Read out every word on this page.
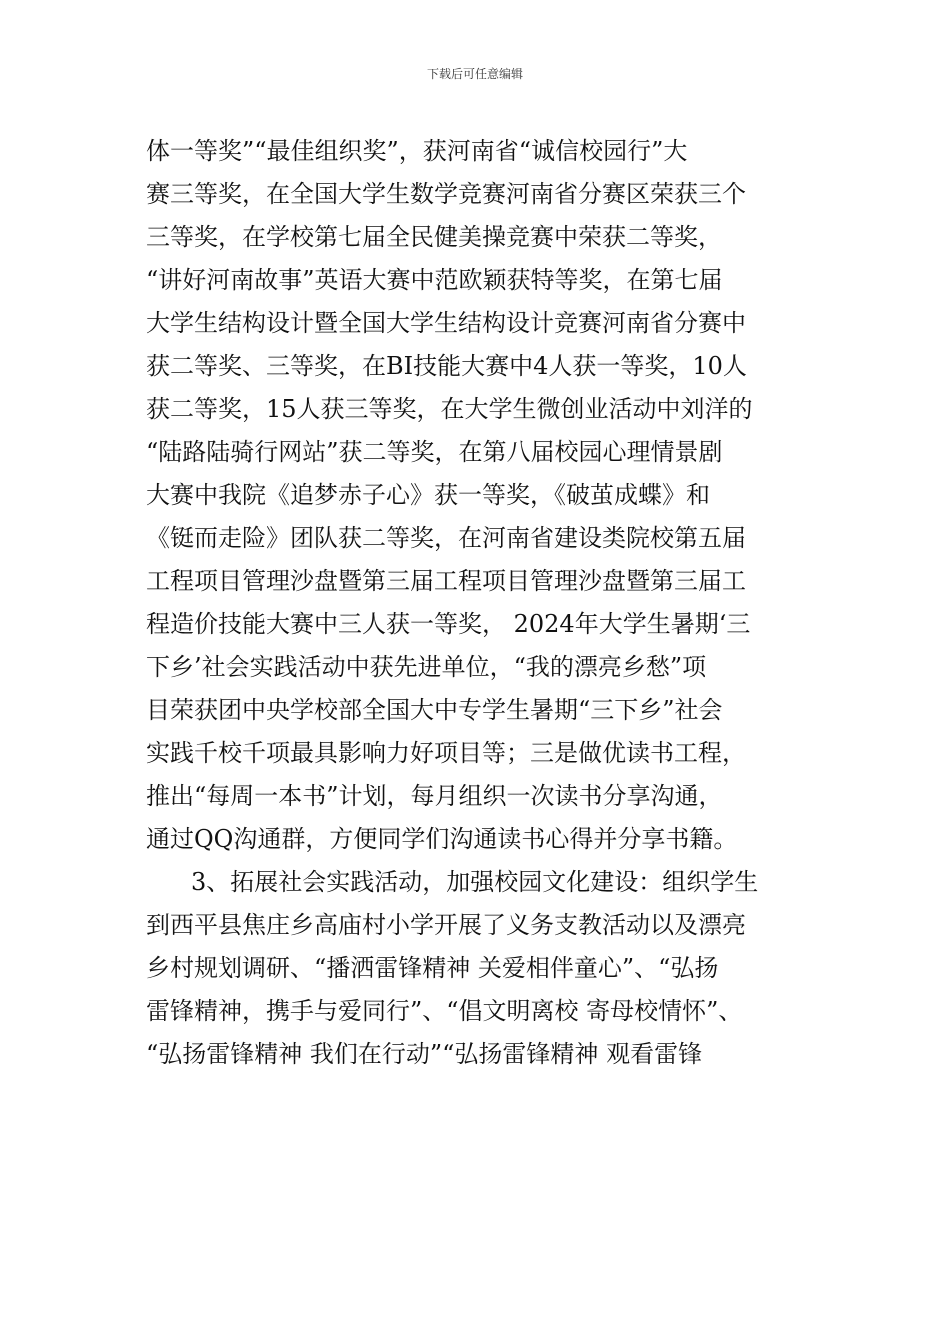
下载后可任意编辑
体一等奖”“最佳组织奖”，获河南省“诚信校园行”大
赛三等奖，在全国大学生数学竞赛河南省分赛区荣获三个
三等奖，在学校第七届全民健美操竞赛中荣获二等奖，
“讲好河南故事”英语大赛中范欧颖获特等奖，在第七届
大学生结构设计暨全国大学生结构设计竞赛河南省分赛中
获二等奖、三等奖，在BI技能大赛中4人获一等奖，10人
获二等奖，15人获三等奖，在大学生微创业活动中刘洋的
“陆路陆骑行网站”获二等奖，在第八届校园心理情景剧
大赛中我院《追梦赤子心》获一等奖，《破茧成蝶》和
《铤而走险》团队获二等奖，在河南省建设类院校第五届
工程项目管理沙盘暨第三届工程项目管理沙盘暨第三届工
程造价技能大赛中三人获一等奖， 2024年大学生暑期‘三
下乡’社会实践活动中获先进单位，“我的漂亮乡愁”项
目荣获团中央学校部全国大中专学生暑期“三下乡”社会
实践千校千项最具影响力好项目等；三是做优读书工程，
推出“每周一本书”计划，每月组织一次读书分享沟通，
通过QQ沟通群，方便同学们沟通读书心得并分享书籍。
3、拓展社会实践活动，加强校园文化建设：组织学生
到西平县焦庄乡高庙村小学开展了义务支教活动以及漂亮
乡村规划调研、“播洒雷锋精神 关爱相伴童心”、“弘扬
雷锋精神，携手与爱同行”、“倡文明离校 寄母校情怀”、
“弘扬雷锋精神 我们在行动”“弘扬雷锋精神 观看雷锋
